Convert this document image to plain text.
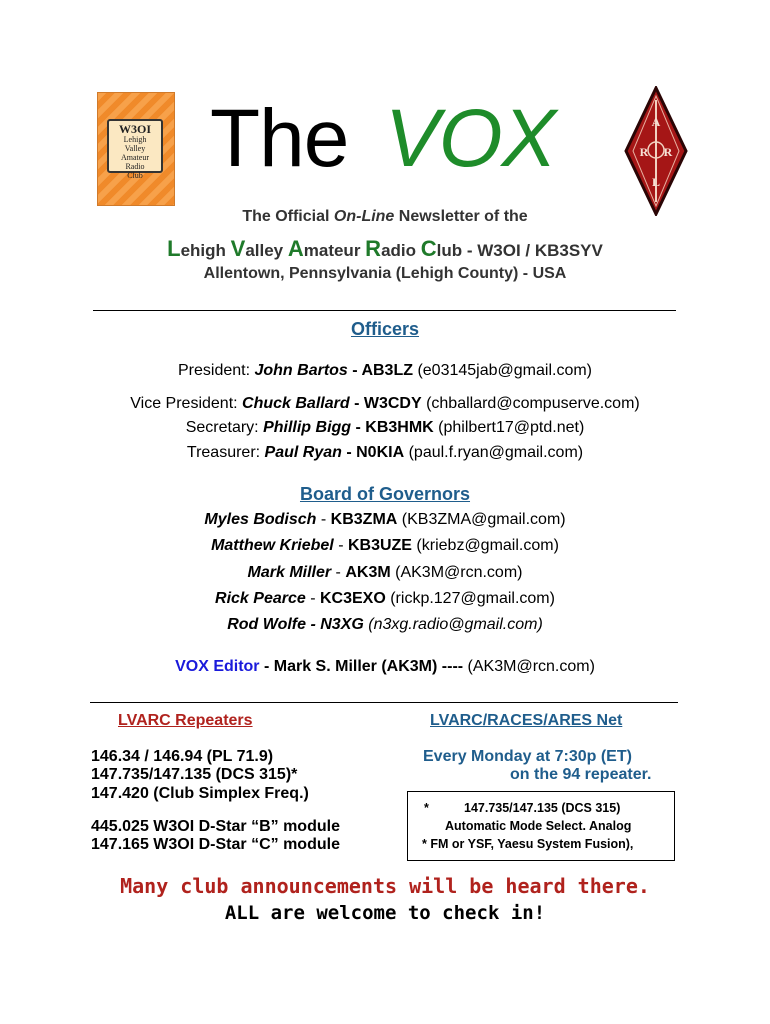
W3OI
Lehigh
Valley
Amateur
Radio
Club
A
R R
L
The VOX
The Official On-Line Newsletter of the
Lehigh Valley Amateur Radio Club - W3OI / KB3SYV
Allentown, Pennsylvania (Lehigh County) - USA
Officers
President: John Bartos - AB3LZ (e03145jab@gmail.com)
Vice President: Chuck Ballard - W3CDY (chballard@compuserve.com)
Secretary: Phillip Bigg - KB3HMK (philbert17@ptd.net)
Treasurer: Paul Ryan - N0KIA (paul.f.ryan@gmail.com)
Board of Governors
Myles Bodisch - KB3ZMA (KB3ZMA@gmail.com)
Matthew Kriebel - KB3UZE (kriebz@gmail.com)
Mark Miller - AK3M (AK3M@rcn.com)
Rick Pearce - KC3EXO (rickp.127@gmail.com)
Rod Wolfe - N3XG (n3xg.radio@gmail.com)
VOX Editor - Mark S. Miller (AK3M) ---- (AK3M@rcn.com)
LVARC Repeaters	LVARC/RACES/ARES Net
146.34 / 146.94 (PL 71.9)
147.735/147.135 (DCS 315)*
147.420 (Club Simplex Freq.)
445.025 W3OI D-Star “B” module
147.165 W3OI D-Star “C” module
Every Monday at 7:30p (ET)
on the 94 repeater.
*	147.735/147.135 (DCS 315)
Automatic Mode Select. Analog
* FM or YSF, Yaesu System Fusion),
Many club announcements will be heard there.
ALL are welcome to check in!
